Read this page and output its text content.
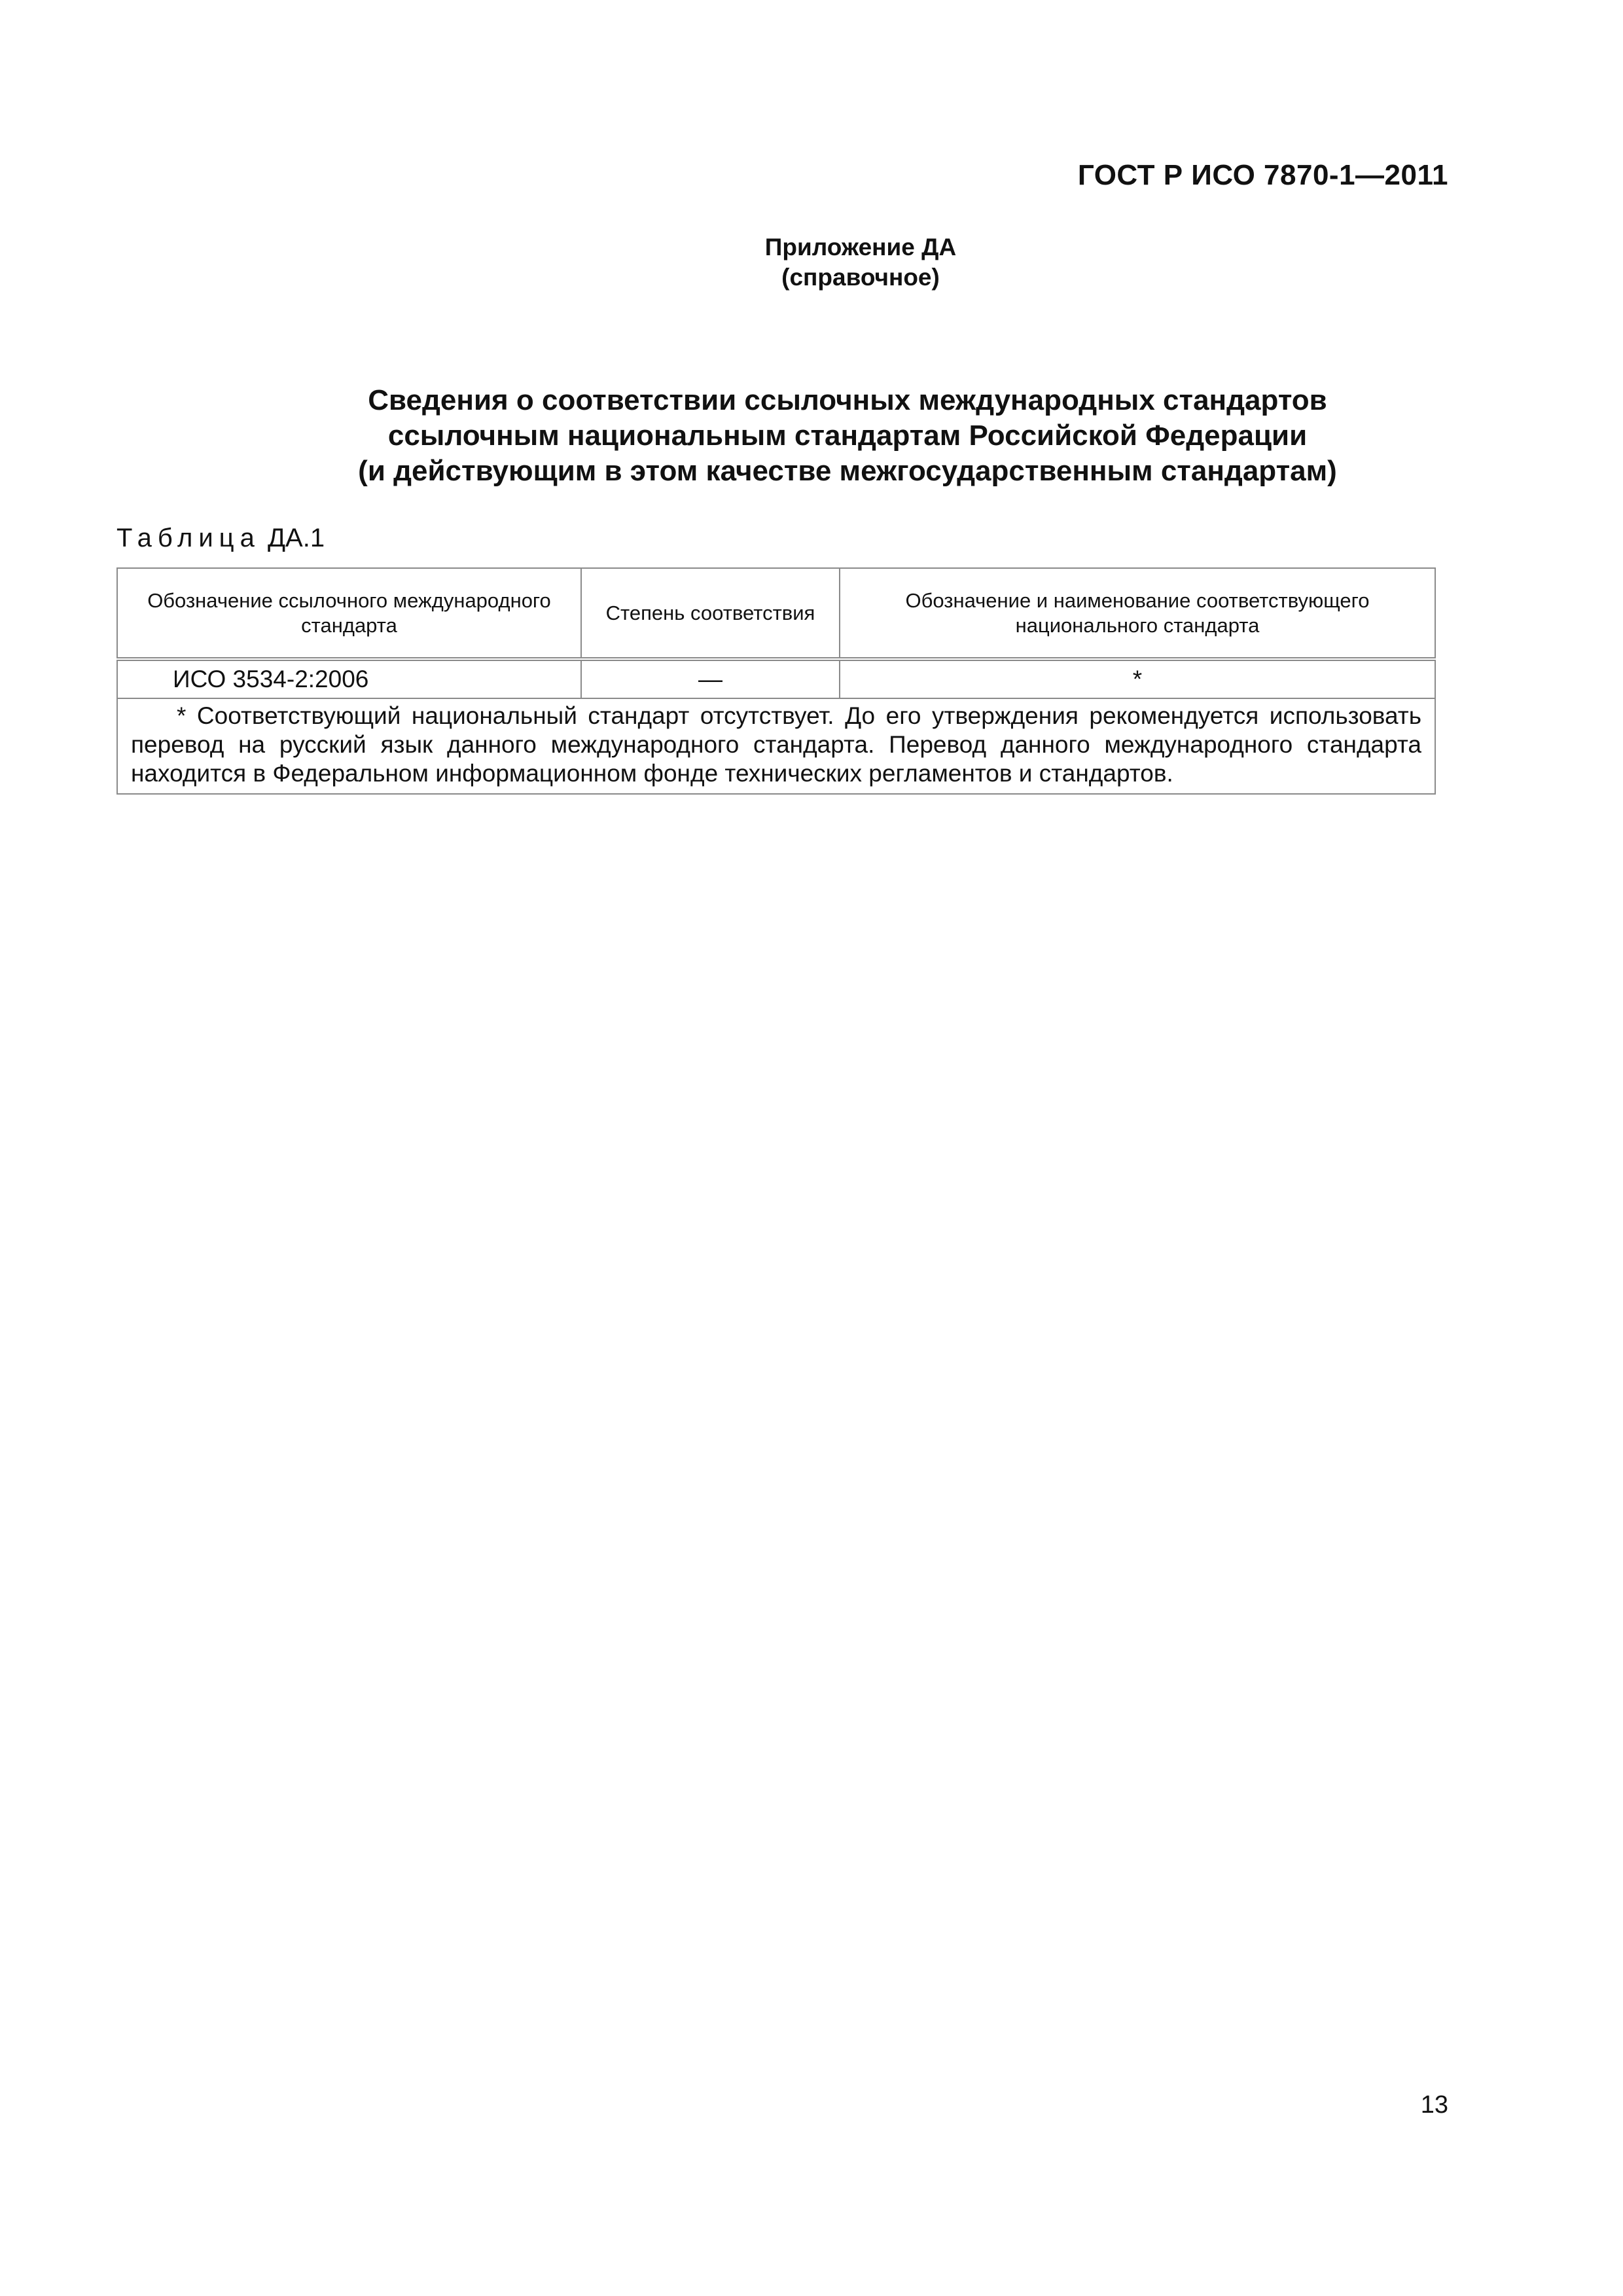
ГОСТ Р ИСО 7870-1—2011

Приложение ДА
(справочное)
Сведения о соответствии ссылочных международных стандартов
ссылочным национальным стандартам Российской Федерации
(и действующим в этом качестве межгосударственным стандартам)

Таблица ДА.1

Обозначение ссылочного международного стандарта	Степень соответствия	Обозначение и наименование соответствующего национального стандарта
ИСО 3534-2:2006	—	*

* Соответствующий национальный стандарт отсутствует. До его утверждения рекомендуется использовать перевод на русский язык данного международного стандарта. Перевод данного международного стандарта находится в Федеральном информационном фонде технических регламентов и стандартов.		

13
